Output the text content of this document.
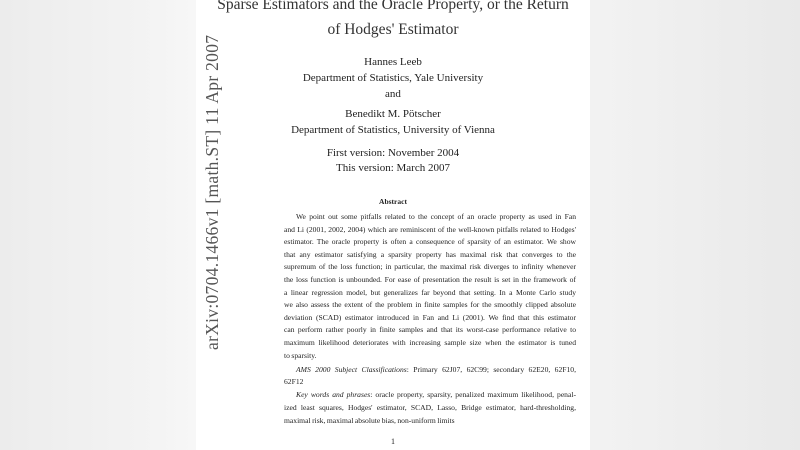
arXiv:0704.1466v1 [math.ST] 11 Apr 2007
Sparse Estimators and the Oracle Property, or the Return
of Hodges' Estimator
Hannes Leeb
Department of Statistics, Yale University
and
Benedikt M. Pötscher
Department of Statistics, University of Vienna
First version: November 2004
This version: March 2007
Abstract
We point out some pitfalls related to the concept of an oracle property as used in Fan
and Li (2001, 2002, 2004) which are reminiscent of the well-known pitfalls related to Hodges'
estimator. The oracle property is often a consequence of sparsity of an estimator. We show
that any estimator satisfying a sparsity property has maximal risk that converges to the
supremum of the loss function; in particular, the maximal risk diverges to infinity whenever
the loss function is unbounded. For ease of presentation the result is set in the framework of
a linear regression model, but generalizes far beyond that setting. In a Monte Carlo study
we also assess the extent of the problem in finite samples for the smoothly clipped absolute
deviation (SCAD) estimator introduced in Fan and Li (2001). We find that this estimator
can perform rather poorly in finite samples and that its worst-case performance relative to
maximum likelihood deteriorates with increasing sample size when the estimator is tuned
to sparsity.
AMS 2000 Subject Classifications: Primary 62J07, 62C99; secondary 62E20, 62F10,
62F12
Key words and phrases: oracle property, sparsity, penalized maximum likelihood, penal-
ized least squares, Hodges' estimator, SCAD, Lasso, Bridge estimator, hard-thresholding,
maximal risk, maximal absolute bias, non-uniform limits
1
